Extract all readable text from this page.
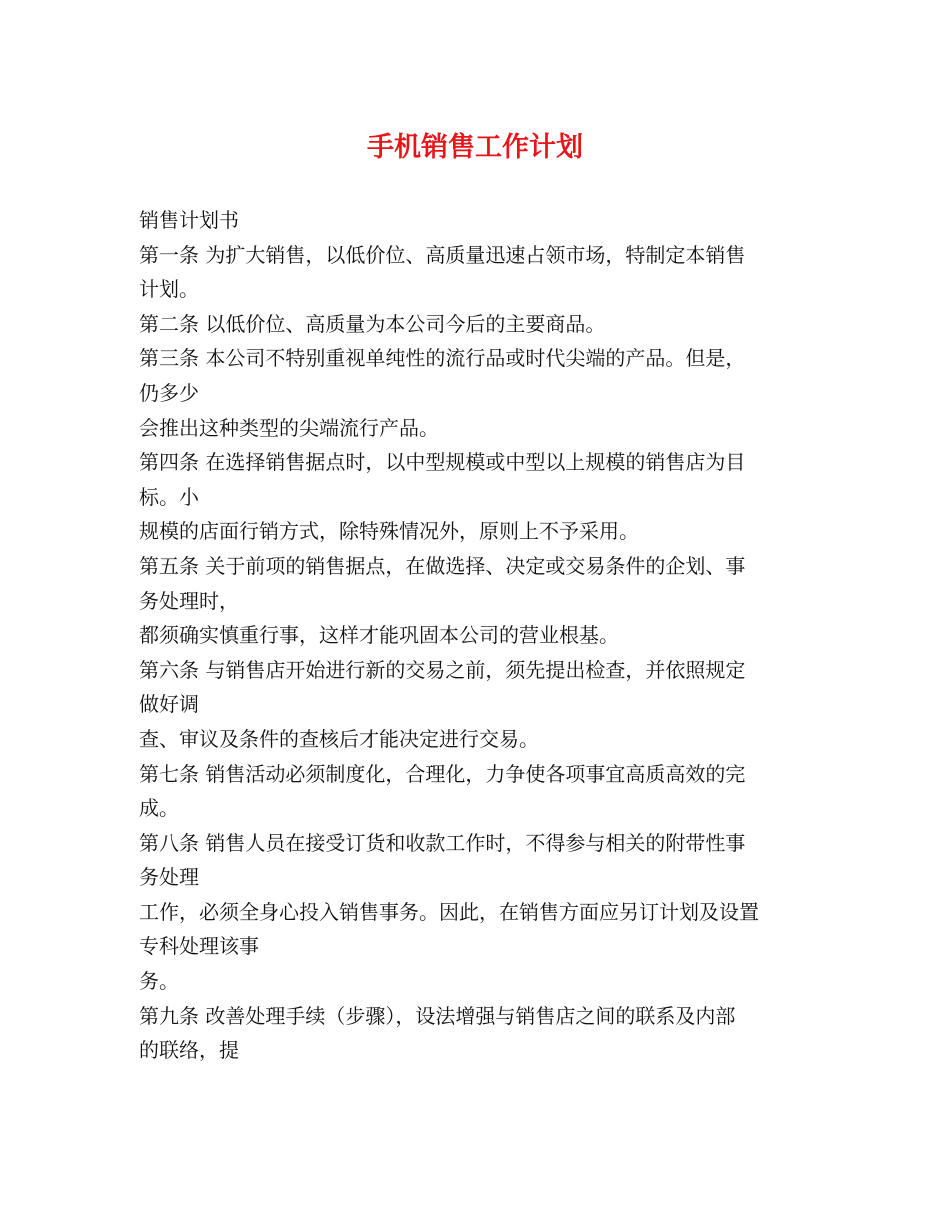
手机销售工作计划
销售计划书
第一条 为扩大销售，以低价位、高质量迅速占领市场，特制定本销售
计划。
第二条 以低价位、高质量为本公司今后的主要商品。
第三条 本公司不特别重视单纯性的流行品或时代尖端的产品。但是，
仍多少
会推出这种类型的尖端流行产品。
第四条 在选择销售据点时，以中型规模或中型以上规模的销售店为目
标。小
规模的店面行销方式，除特殊情况外，原则上不予采用。
第五条 关于前项的销售据点，在做选择、决定或交易条件的企划、事
务处理时，
都须确实慎重行事，这样才能巩固本公司的营业根基。
第六条 与销售店开始进行新的交易之前，须先提出检查，并依照规定
做好调
查、审议及条件的查核后才能决定进行交易。
第七条 销售活动必须制度化，合理化，力争使各项事宜高质高效的完
成。
第八条 销售人员在接受订货和收款工作时，不得参与相关的附带性事
务处理
工作，必须全身心投入销售事务。因此，在销售方面应另订计划及设置
专科处理该事
务。
第九条 改善处理手续（步骤），设法增强与销售店之间的联系及内部
的联络，提
